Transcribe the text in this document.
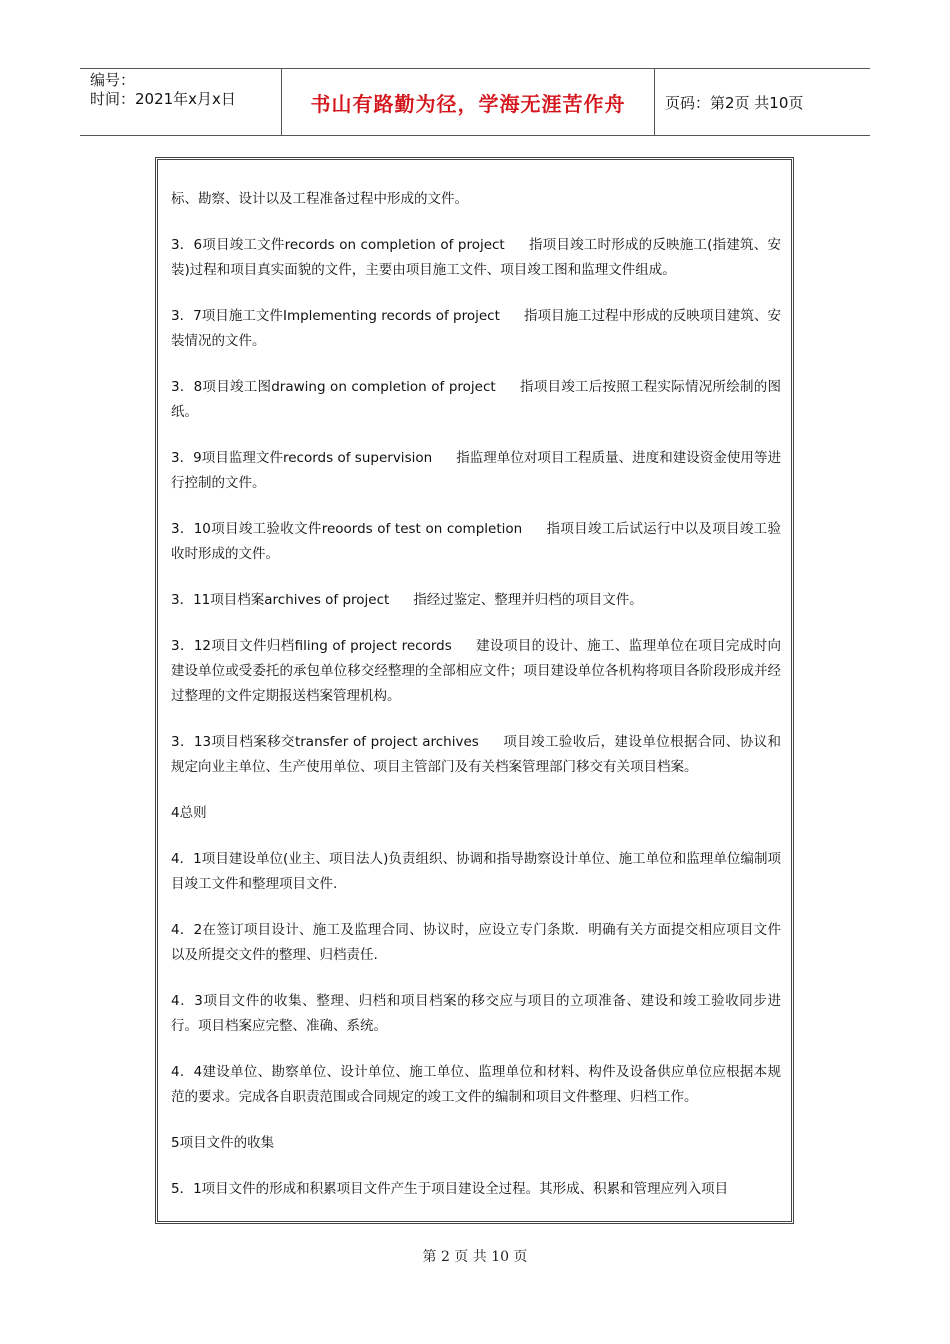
编号：
时间：2021年x月x日	书山有路勤为径，学海无涯苦作舟	页码：第2页 共10页

标、勘察、设计以及工程准备过程中形成的文件。

3．6项目竣工文件records on completion of project 指项目竣工时形成的反映施工(指建筑、安装)过程和项目真实面貌的文件，主要由项目施工文件、项目竣工图和监理文件组成。

3．7项目施工文件Implementing records of project 指项目施工过程中形成的反映项目建筑、安装情况的文件。

3．8项目竣工图drawing on completion of project 指项目竣工后按照工程实际情况所绘制的图纸。

3．9项目监理文件records of supervision 指监理单位对项目工程质量、进度和建设资金使用等进行控制的文件。

3．10项目竣工验收文件reoords of test on completion 指项目竣工后试运行中以及项目竣工验收时形成的文件。

3．11项目档案archives of project 指经过鉴定、整理并归档的项目文件。

3．12项目文件归档filing of project records 建设项目的设计、施工、监理单位在项目完成时向建设单位或受委托的承包单位移交经整理的全部相应文件；项目建设单位各机构将项目各阶段形成并经过整理的文件定期报送档案管理机构。

3．13项目档案移交transfer of project archives 项目竣工验收后，建设单位根据合同、协议和规定向业主单位、生产使用单位、项目主管部门及有关档案管理部门移交有关项目档案。

4总则

4．1项目建设单位(业主、项目法人)负责组织、协调和指导勘察设计单位、施工单位和监理单位编制项目竣工文件和整理项目文件.

4．2在签订项目设计、施工及监理合同、协议时，应设立专门条欺．明确有关方面提交相应项目文件以及所提交文件的整理、归档责任.

4．3项目文件的收集、整理、归档和项目档案的移交应与项目的立项准备、建设和竣工验收同步进行。项目档案应完整、准确、系统。

4．4建设单位、勘察单位、设计单位、施工单位、监理单位和材料、构件及设备供应单位应根据本规范的要求。完成各自职责范围或合同规定的竣工文件的编制和项目文件整理、归档工作。

5项目文件的收集

5．1项目文件的形成和积累项目文件产生于项目建设全过程。其形成、积累和管理应列入项目

第 2 页 共 10 页
